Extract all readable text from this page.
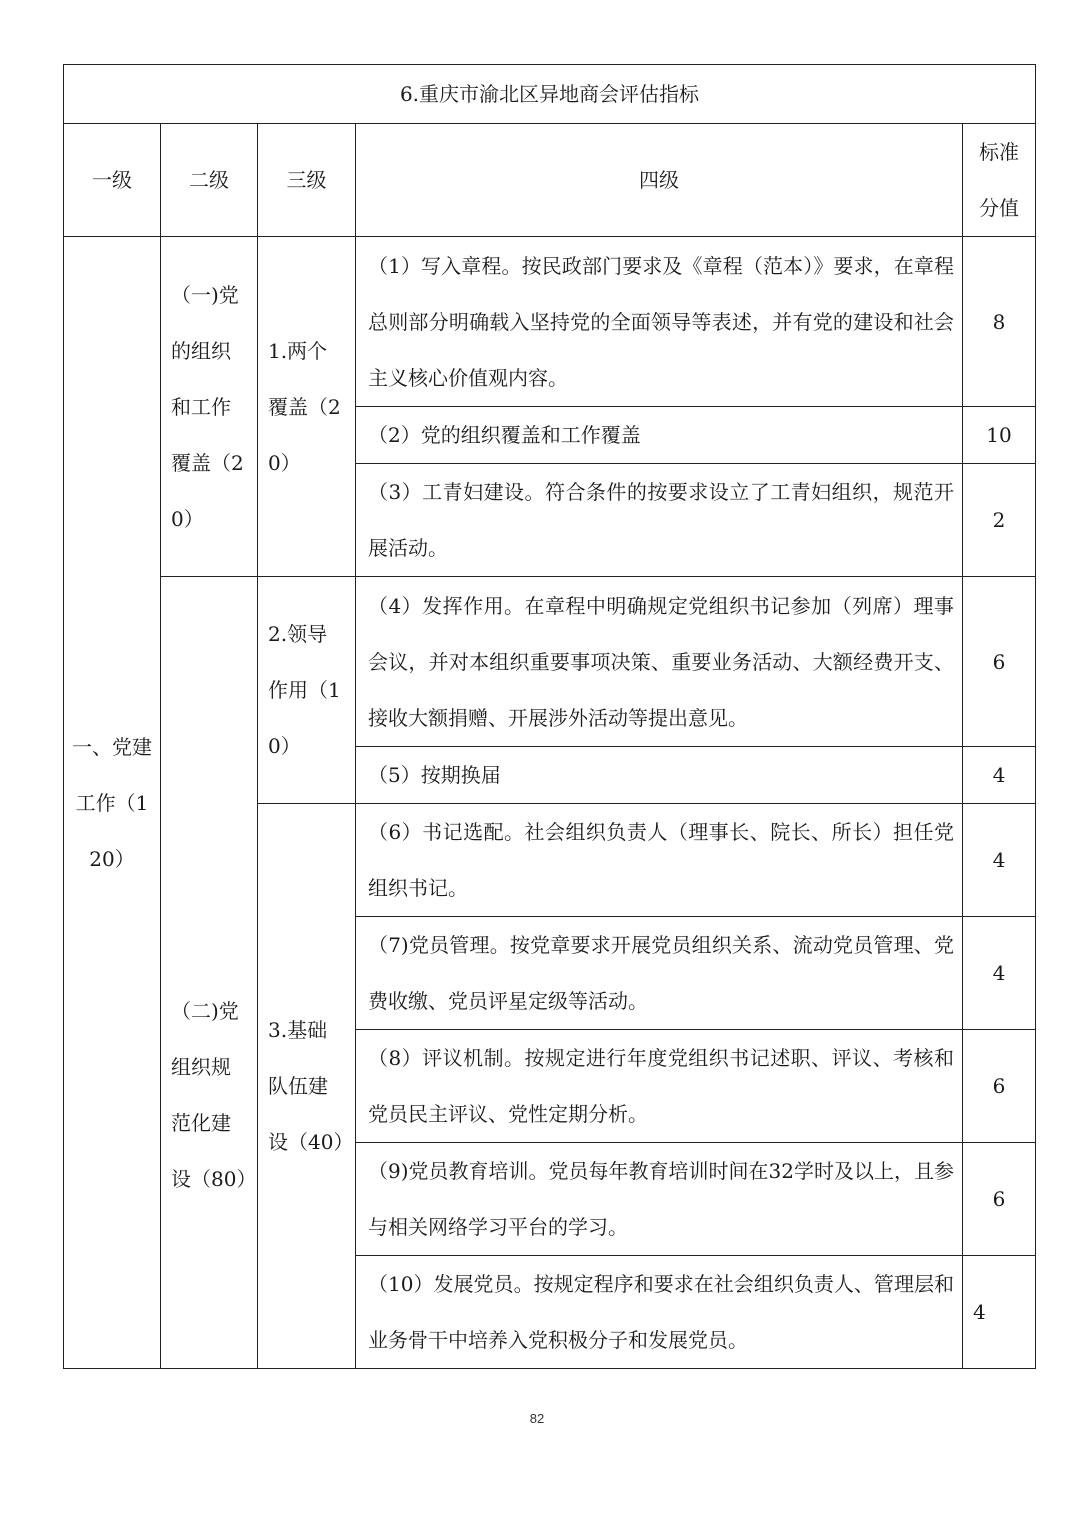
6.重庆市渝北区异地商会评估指标				
一级	二级	三级	四级	标准分值

一、党建工作（120）	（一)党的组织和工作覆盖（20）	1.两个覆盖（20）	（1）写入章程。按民政部门要求及《章程（范本）》要求，在章程总则部分明确载入坚持党的全面领导等表述，并有党的建设和社会主义核心价值观内容。	8
			（2）党的组织覆盖和工作覆盖	10
			（3）工青妇建设。符合条件的按要求设立了工青妇组织，规范开展活动。	2

	（二)党组织规范化建设（80）	2.领导作用（10）	（4）发挥作用。在章程中明确规定党组织书记参加（列席）理事会议，并对本组织重要事项决策、重要业务活动、大额经费开支、接收大额捐赠、开展涉外活动等提出意见。	6
			（5）按期换届	4
		3.基础队伍建设（40）	（6）书记选配。社会组织负责人（理事长、院长、所长）担任党组织书记。	4
			（7)党员管理。按党章要求开展党员组织关系、流动党员管理、党费收缴、党员评星定级等活动。	4
			（8）评议机制。按规定进行年度党组织书记述职、评议、考核和党员民主评议、党性定期分析。	6
			（9)党员教育培训。党员每年教育培训时间在32学时及以上，且参与相关网络学习平台的学习。	6
			（10）发展党员。按规定程序和要求在社会组织负责人、管理层和业务骨干中培养入党积极分子和发展党员。	4
82
